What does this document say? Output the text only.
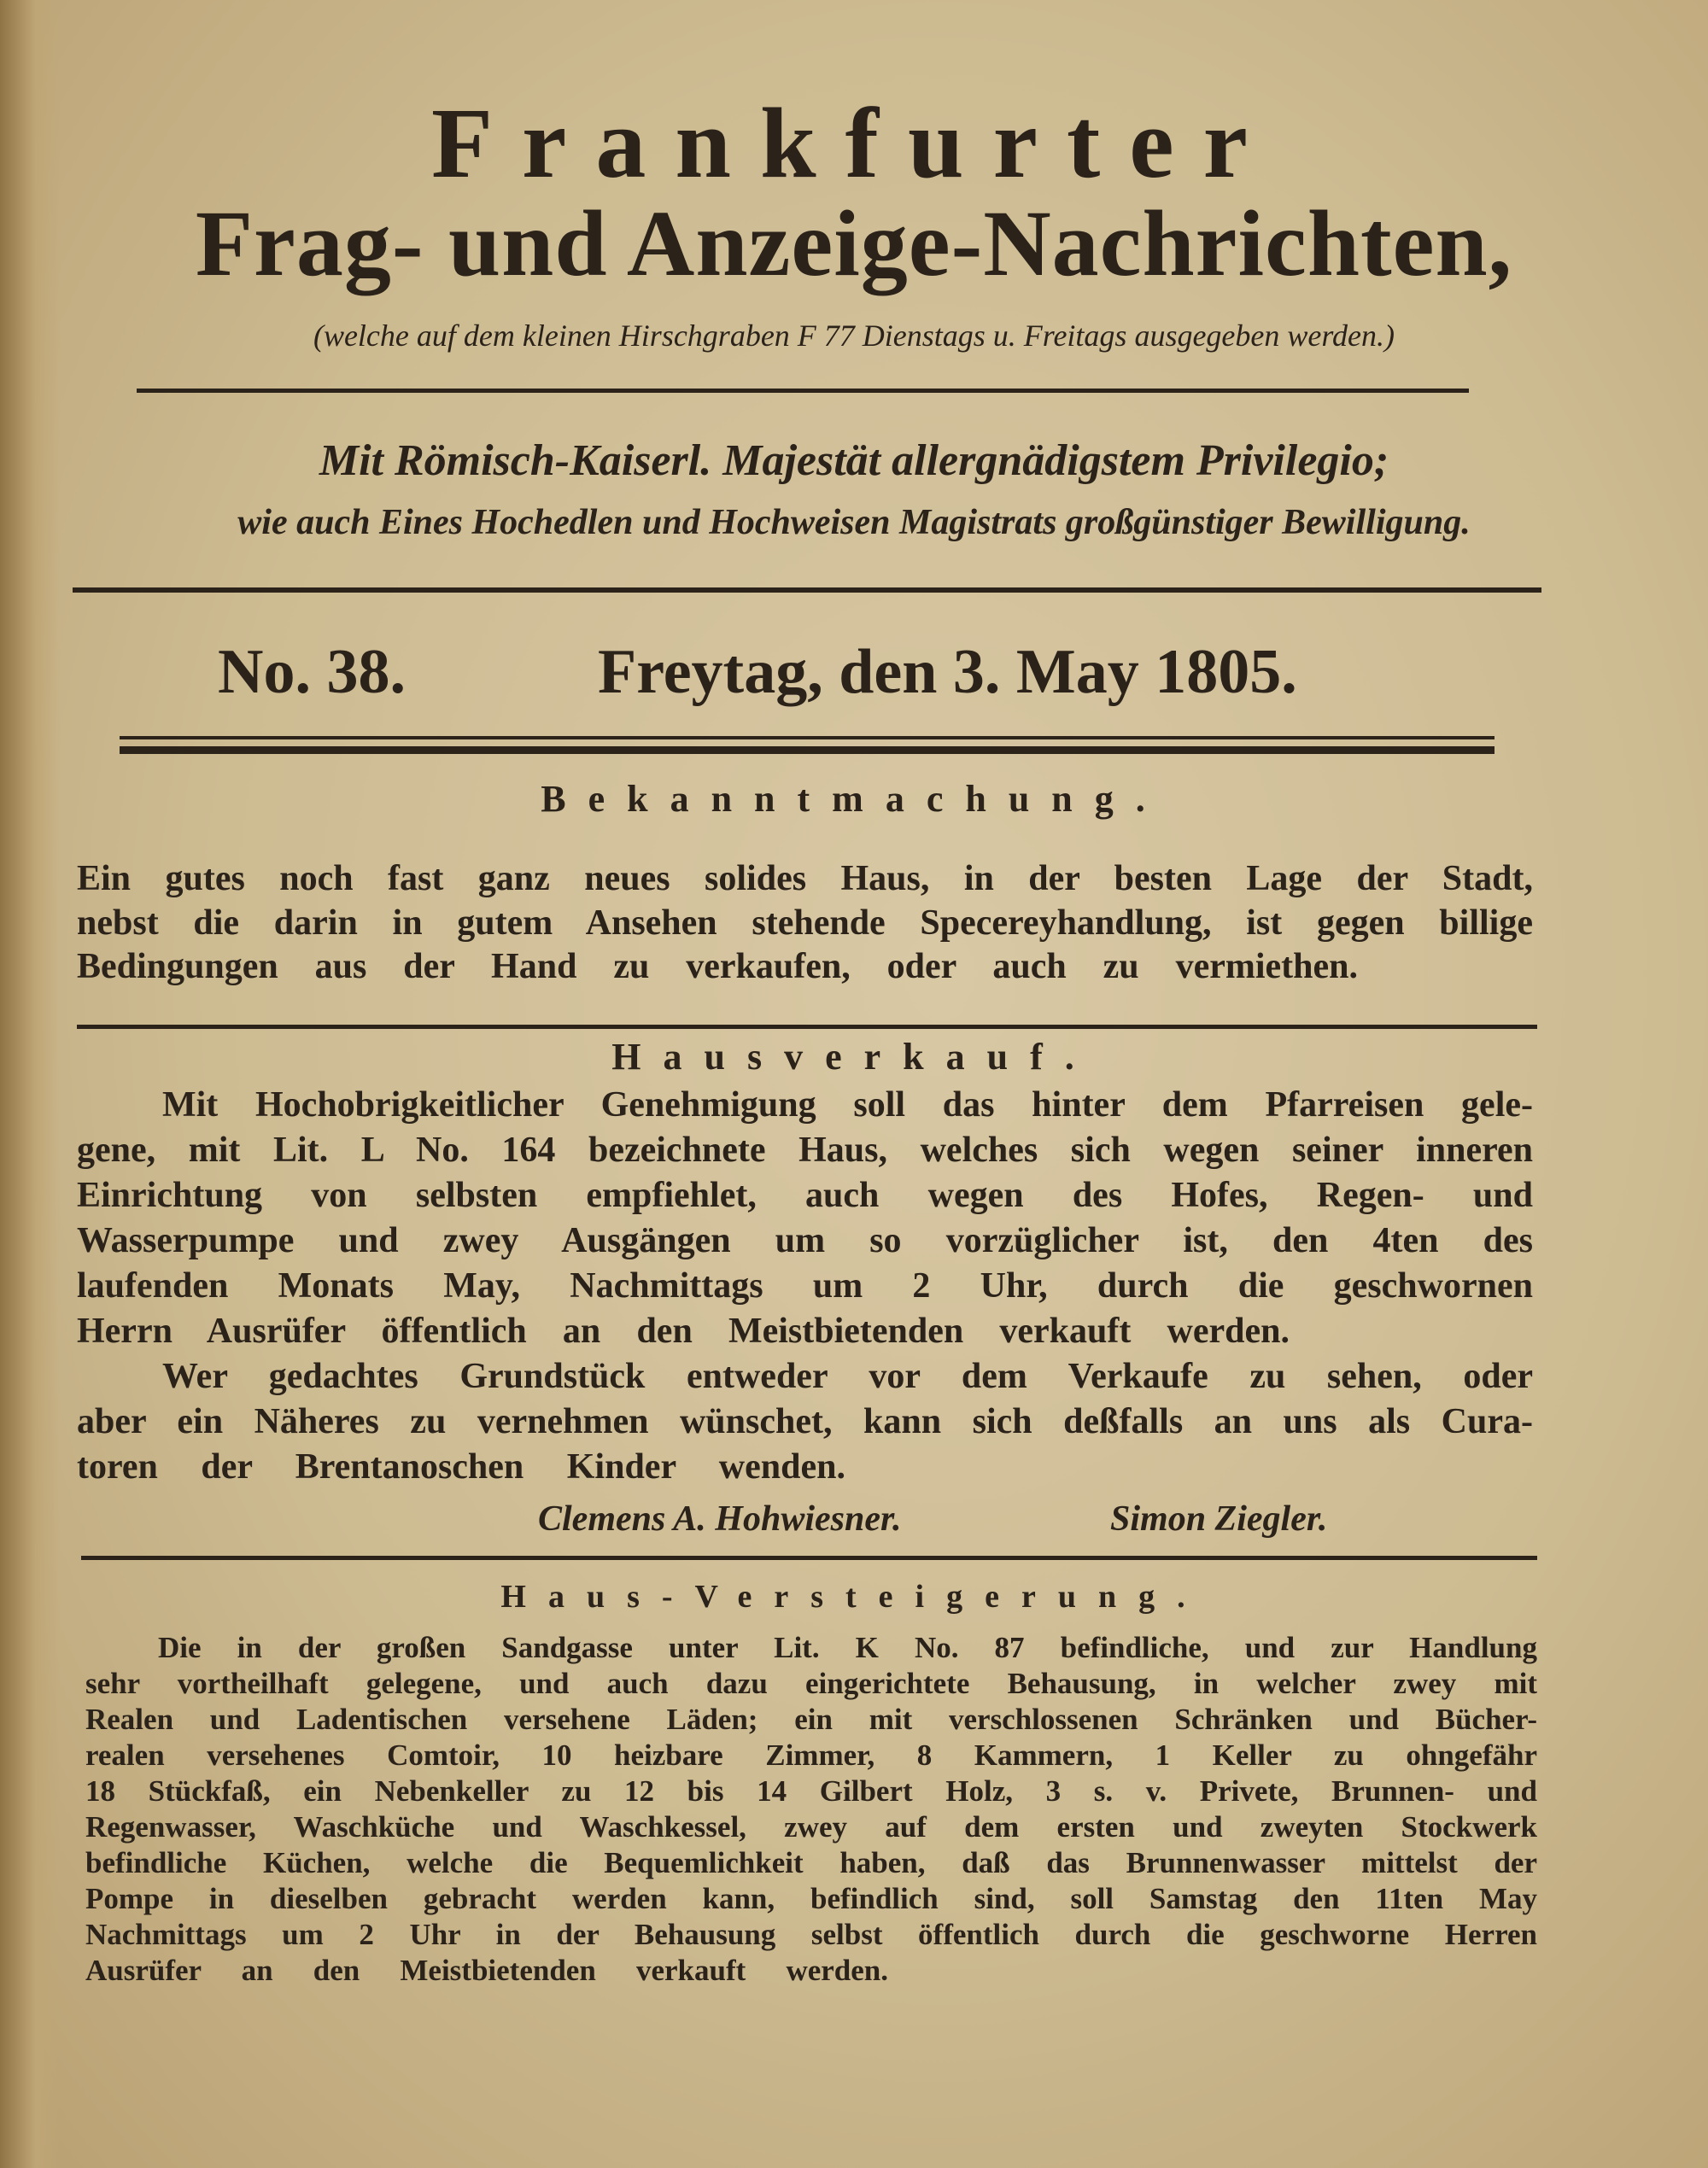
Frankfurter
Frag- und Anzeige-Nachrichten,
(welche auf dem kleinen Hirschgraben F 77 Dienstags u. Freitags ausgegeben werden.)
Mit Römisch-Kaiserl. Majestät allergnädigstem Privilegio;
wie auch Eines Hochedlen und Hochweisen Magistrats großgünstiger Bewilligung.
No. 38.	Freytag, den 3. May 1805.
Bekanntmachung.
Ein gutes noch fast ganz neues solides Haus, in der besten Lage der Stadt,
nebst die darin in gutem Ansehen stehende Specereyhandlung, ist gegen billige
Bedingungen aus der Hand zu verkaufen, oder auch zu vermiethen.
Hausverkauf.
Mit Hochobrigkeitlicher Genehmigung soll das hinter dem Pfarreisen gele-
gene, mit Lit. L No. 164 bezeichnete Haus, welches sich wegen seiner inneren
Einrichtung von selbsten empfiehlet, auch wegen des Hofes, Regen- und
Wasserpumpe und zwey Ausgängen um so vorzüglicher ist, den 4ten des
laufenden Monats May, Nachmittags um 2 Uhr, durch die geschwornen
Herrn Ausrüfer öffentlich an den Meistbietenden verkauft werden.
Wer gedachtes Grundstück entweder vor dem Verkaufe zu sehen, oder
aber ein Näheres zu vernehmen wünschet, kann sich deßfalls an uns als Cura-
toren der Brentanoschen Kinder wenden.
Clemens A. Hohwiesner.	Simon Ziegler.
Haus-Versteigerung.
Die in der großen Sandgasse unter Lit. K No. 87 befindliche, und zur Handlung
sehr vortheilhaft gelegene, und auch dazu eingerichtete Behausung, in welcher zwey mit
Realen und Ladentischen versehene Läden; ein mit verschlossenen Schränken und Bücher-
realen versehenes Comtoir, 10 heizbare Zimmer, 8 Kammern, 1 Keller zu ohngefähr
18 Stückfaß, ein Nebenkeller zu 12 bis 14 Gilbert Holz, 3 s. v. Privete, Brunnen- und
Regenwasser, Waschküche und Waschkessel, zwey auf dem ersten und zweyten Stockwerk
befindliche Küchen, welche die Bequemlichkeit haben, daß das Brunnenwasser mittelst der
Pompe in dieselben gebracht werden kann, befindlich sind, soll Samstag den 11ten May
Nachmittags um 2 Uhr in der Behausung selbst öffentlich durch die geschworne Herren
Ausrüfer an den Meistbietenden verkauft werden.
